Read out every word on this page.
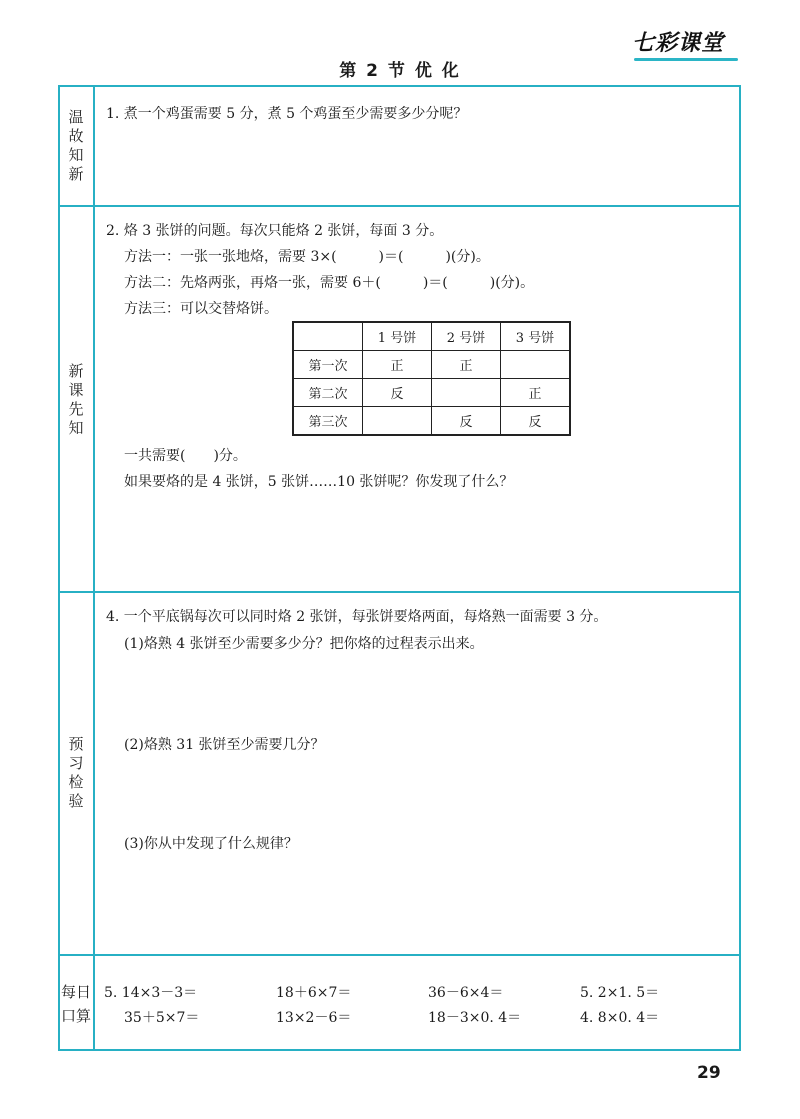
七彩课堂
第 2 节 优 化
温
故
知
新
新
课
先
知
预
习
检
验
每日
口算
1. 煮一个鸡蛋需要 5 分，煮 5 个鸡蛋至少需要多少分呢？
2. 烙 3 张饼的问题。每次只能烙 2 张饼，每面 3 分。
方法一：一张一张地烙，需要 3×(　　　)＝(　　　)(分)。
方法二：先烙两张，再烙一张，需要 6＋(　　　)＝(　　　)(分)。
方法三：可以交替烙饼。
	1 号饼	2 号饼	3 号饼
第一次	正	正	
第二次	反		正
第三次		反	反
一共需要(　　)分。
如果要烙的是 4 张饼，5 张饼……10 张饼呢？你发现了什么？
4. 一个平底锅每次可以同时烙 2 张饼，每张饼要烙两面，每烙熟一面需要 3 分。
(1)烙熟 4 张饼至少需要多少分？把你烙的过程表示出来。
(2)烙熟 31 张饼至少需要几分？
(3)你从中发现了什么规律？
5. 14×3－3＝	18＋6×7＝	36－6×4＝	5. 2×1. 5＝
35＋5×7＝	13×2－6＝	18－3×0. 4＝	4. 8×0. 4＝
29
